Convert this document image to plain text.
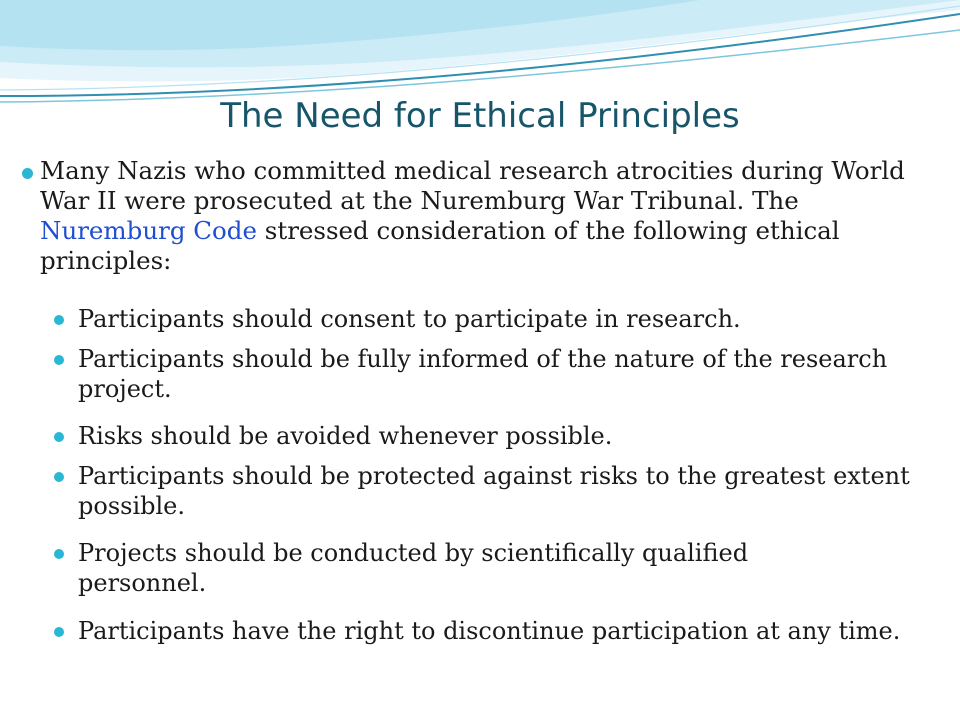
The Need for Ethical Principles

Many Nazis who committed medical research atrocities during World War II were prosecuted at the Nuremburg War Tribunal. The Nuremburg Code stressed consideration of the following ethical principles:

Participants should consent to participate in research.

Participants should be fully informed of the nature of the research project.

Risks should be avoided whenever possible.

Participants should be protected against risks to the greatest extent possible.

Projects should be conducted by scientifically qualified personnel.

Participants have the right to discontinue participation at any time.
